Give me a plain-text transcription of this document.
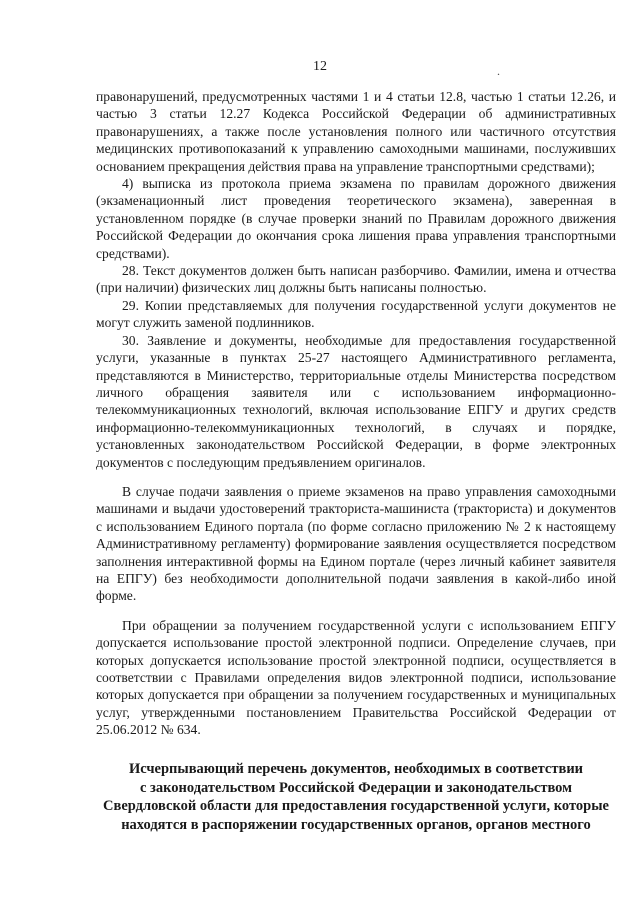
12	.

правонарушений, предусмотренных частями 1 и 4 статьи 12.8, частью 1 статьи 12.26, и частью 3 статьи 12.27 Кодекса Российской Федерации об административных правонарушениях, а также после установления полного или частичного отсутствия медицинских противопоказаний к управлению самоходными машинами, послуживших основанием прекращения действия права на управление транспортными средствами);

4) выписка из протокола приема экзамена по правилам дорожного движения (экзаменационный лист проведения теоретического экзамена), заверенная в установленном порядке (в случае проверки знаний по Правилам дорожного движения Российской Федерации до окончания срока лишения права управления транспортными средствами).

28. Текст документов должен быть написан разборчиво. Фамилии, имена и отчества (при наличии) физических лиц должны быть написаны полностью.

29. Копии представляемых для получения государственной услуги документов не могут служить заменой подлинников.

30. Заявление и документы, необходимые для предоставления государственной услуги, указанные в пунктах 25-27 настоящего Административного регламента, представляются в Министерство, территориальные отделы Министерства посредством личного обращения заявителя или с использованием информационно-телекоммуникационных технологий, включая использование ЕПГУ и других средств информационно-телекоммуникационных технологий, в случаях и порядке, установленных законодательством Российской Федерации, в форме электронных документов с последующим предъявлением оригиналов.

В случае подачи заявления о приеме экзаменов на право управления самоходными машинами и выдачи удостоверений тракториста-машиниста (тракториста) и документов с использованием Единого портала (по форме согласно приложению № 2 к настоящему Административному регламенту) формирование заявления осуществляется посредством заполнения интерактивной формы на Едином портале (через личный кабинет заявителя на ЕПГУ) без необходимости дополнительной подачи заявления в какой-либо иной форме.

При обращении за получением государственной услуги с использованием ЕПГУ допускается использование простой электронной подписи. Определение случаев, при которых допускается использование простой электронной подписи, осуществляется в соответствии с Правилами определения видов электронной подписи, использование которых допускается при обращении за получением государственных и муниципальных услуг, утвержденными постановлением Правительства Российской Федерации от 25.06.2012 № 634.

Исчерпывающий перечень документов, необходимых в соответствии
с законодательством Российской Федерации и законодательством
Свердловской области для предоставления государственной услуги, которые
находятся в распоряжении государственных органов, органов местного
